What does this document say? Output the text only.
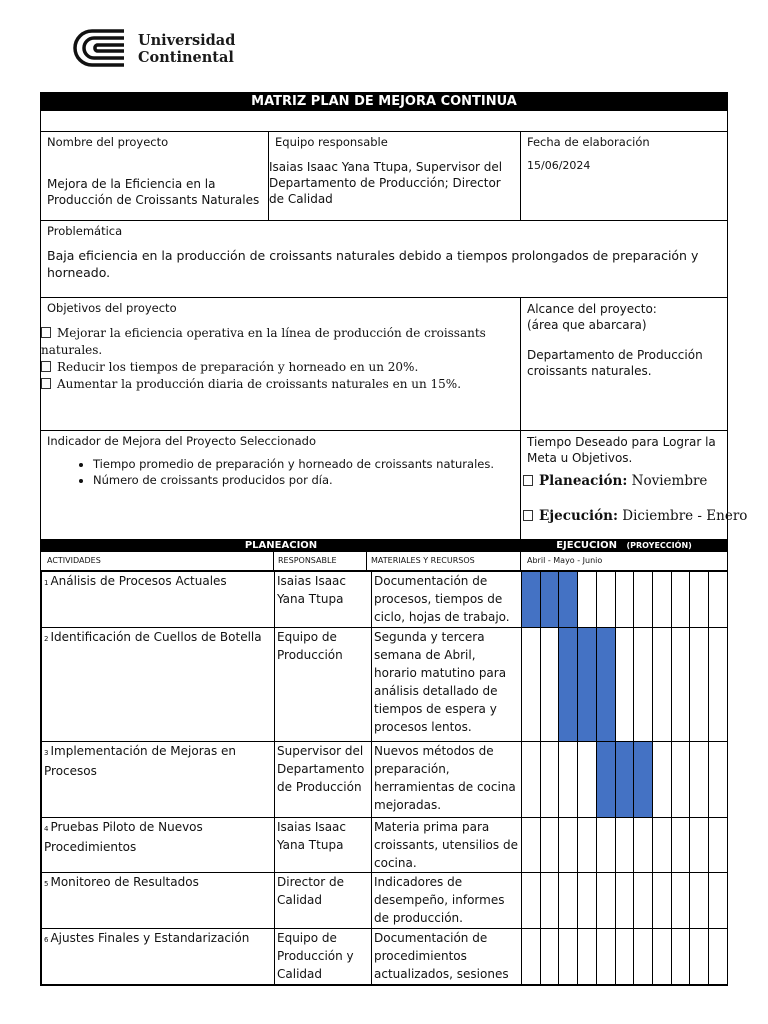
Universidad
Continental
MATRIZ PLAN DE MEJORA CONTINUA
Nombre del proyecto
Mejora de la Eficiencia en la Producción de Croissants Naturales
Equipo responsable
Isaias Isaac Yana Ttupa, Supervisor del Departamento de Producción; Director de Calidad
Fecha de elaboración
15/06/2024
Problemática
Baja eficiencia en la producción de croissants naturales debido a tiempos prolongados de preparación y horneado.
Objetivos del proyecto
Mejorar la eficiencia operativa en la línea de producción de croissants naturales.
Reducir los tiempos de preparación y horneado en un 20%.
Aumentar la producción diaria de croissants naturales en un 15%.
Alcance del proyecto:
(área que abarcara)
Departamento de Producción croissants naturales.
Indicador de Mejora del Proyecto Seleccionado
• Tiempo promedio de preparación y horneado de croissants naturales.
• Número de croissants producidos por día.
Tiempo Deseado para Lograr la Meta u Objetivos.
Planeación: Noviembre
Ejecución: Diciembre - Enero
PLANEACION	EJECUCION (PROYECCIÓN)
ACTIVIDADES	RESPONSABLE	MATERIALES Y RECURSOS	Abril - Mayo - Junio
1 Análisis de Procesos Actuales	Isaias Isaac Yana Ttupa	Documentación de procesos, tiempos de ciclo, hojas de trabajo.											
2 Identificación de Cuellos de Botella	Equipo de Producción	Segunda y tercera semana de Abril, horario matutino para análisis detallado de tiempos de espera y procesos lentos.											
3 Implementación de Mejoras en Procesos	Supervisor del Departamento de Producción	Nuevos métodos de preparación, herramientas de cocina mejoradas.											
4 Pruebas Piloto de Nuevos Procedimientos	Isaias Isaac Yana Ttupa	Materia prima para croissants, utensilios de cocina.											
5 Monitoreo de Resultados	Director de Calidad	Indicadores de desempeño, informes de producción.											
6 Ajustes Finales y Estandarización	Equipo de Producción y Calidad	Documentación de procedimientos actualizados, sesiones											
